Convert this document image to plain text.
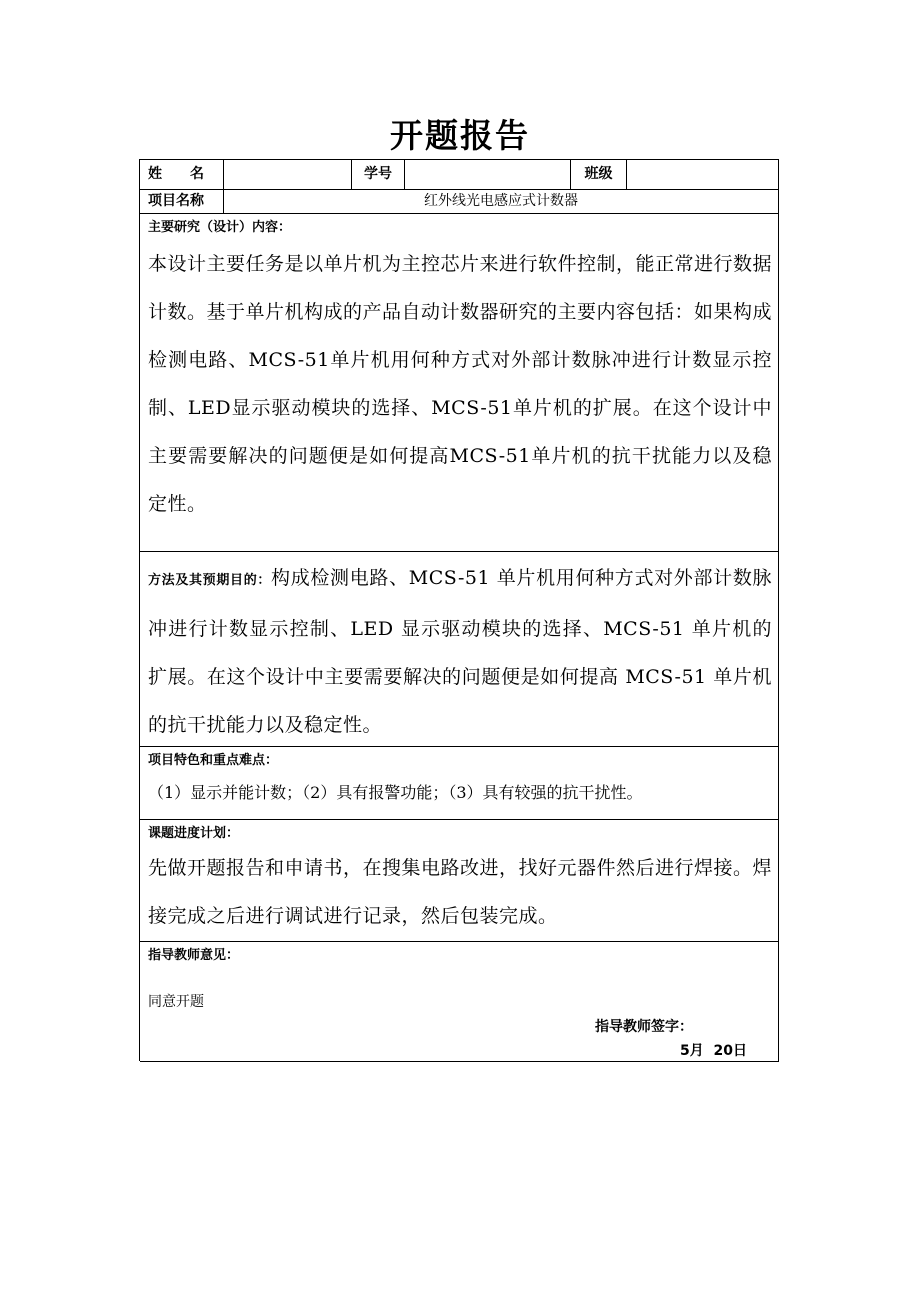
开题报告
姓　　名	学号	班级
项目名称	红外线光电感应式计数器
主要研究（设计）内容：
本设计主要任务是以单片机为主控芯片来进行软件控制，能正常进行数据计数。基于单片机构成的产品自动计数器研究的主要内容包括：如果构成检测电路、MCS-51单片机用何种方式对外部计数脉冲进行计数显示控制、LED显示驱动模块的选择、MCS-51单片机的扩展。在这个设计中主要需要解决的问题便是如何提高MCS-51单片机的抗干扰能力以及稳定性。
方法及其预期目的：构成检测电路、MCS-51 单片机用何种方式对外部计数脉冲进行计数显示控制、LED 显示驱动模块的选择、MCS-51 单片机的扩展。在这个设计中主要需要解决的问题便是如何提高 MCS-51 单片机的抗干扰能力以及稳定性。
项目特色和重点难点：
（1）显示并能计数；（2）具有报警功能；（3）具有较强的抗干扰性。
课题进度计划：
先做开题报告和申请书，在搜集电路改进，找好元器件然后进行焊接。焊接完成之后进行调试进行记录，然后包装完成。
指导教师意见：
同意开题
指导教师签字：
5月  20日
